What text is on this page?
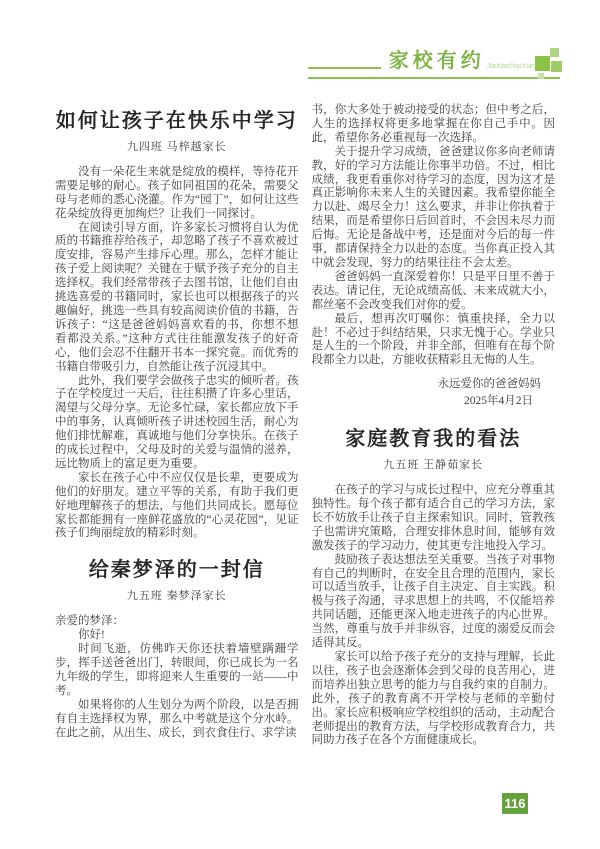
家校有约 JiaXiaoYouYue
如何让孩子在快乐中学习
九四班 马梓越家长
没有一朵花生来就是绽放的模样，等待花开需要足够的耐心。孩子如同祖国的花朵，需要父母与老师的悉心浇灌。作为“园丁”，如何让这些花朵绽放得更加绚烂？让我们一同探讨。
在阅读引导方面，许多家长习惯将自认为优质的书籍推荐给孩子，却忽略了孩子不喜欢被过度安排，容易产生排斥心理。那么，怎样才能让孩子爱上阅读呢？关键在于赋予孩子充分的自主选择权。我们经常带孩子去图书馆，让他们自由挑选喜爱的书籍同时，家长也可以根据孩子的兴趣偏好，挑选一些具有较高阅读价值的书籍，告诉孩子：“这是爸爸妈妈喜欢看的书，你想不想看都没关系。”这种方式往往能激发孩子的好奇心，他们会忍不住翻开书本一探究竟。而优秀的书籍自带吸引力，自然能让孩子沉浸其中。
此外，我们要学会做孩子忠实的倾听者。孩子在学校度过一天后，往往积攒了许多心里话，渴望与父母分享。无论多忙碌，家长都应放下手中的事务，认真倾听孩子讲述校园生活，耐心为他们排忧解难，真诚地与他们分享快乐。在孩子的成长过程中，父母及时的关爱与温情的滋养，远比物质上的富足更为重要。
家长在孩子心中不应仅仅是长辈，更要成为他们的好朋友。建立平等的关系，有助于我们更好地理解孩子的想法，与他们共同成长。愿每位家长都能拥有一座鲜花盛放的“心灵花园”，见证孩子们绚丽绽放的精彩时刻。
给秦梦泽的一封信
九五班 秦梦泽家长
亲爱的梦泽：
你好!
时间飞逝，仿佛昨天你还扶着墙壁蹒跚学步，挥手送爸爸出门，转眼间，你已成长为一名九年级的学生，即将迎来人生重要的一站——中考。
如果将你的人生划分为两个阶段，以是否拥有自主选择权为界，那么中考就是这个分水岭。在此之前，从出生、成长，到衣食住行、求学读
书，你大多处于被动接受的状态；但中考之后，人生的选择权将更多地掌握在你自己手中。因此，希望你务必重视每一次选择。
关于提升学习成绩，爸爸建议你多向老师请教，好的学习方法能让你事半功倍。不过，相比成绩，我更看重你对待学习的态度，因为这才是真正影响你未来人生的关键因素。我希望你能全力以赴、竭尽全力！这么要求，并非让你执着于结果，而是希望你日后回首时，不会因未尽力而后悔。无论是备战中考，还是面对今后的每一件事，都请保持全力以赴的态度。当你真正投入其中就会发现，努力的结果往往不会太差。
爸爸妈妈一直深爱着你！只是平日里不善于表达。请记住，无论成绩高低、未来成就大小，都丝毫不会改变我们对你的爱。
最后，想再次叮嘱你：慎重抉择，全力以赴！不必过于纠结结果，只求无愧于心。学业只是人生的一个阶段，并非全部，但唯有在每个阶段都全力以赴，方能收获精彩且无悔的人生。
永远爱你的爸爸妈妈
2025年4月2日
家庭教育我的看法
九五班 王静茹家长
在孩子的学习与成长过程中，应充分尊重其独特性。每个孩子都有适合自己的学习方法，家长不妨放手让孩子自主探索知识。同时，管教孩子也需讲究策略，合理安排休息时间，能够有效激发孩子的学习动力，使其更专注地投入学习。
鼓励孩子表达想法至关重要。当孩子对事物有自己的判断时，在安全且合理的范围内，家长可以适当放手，让孩子自主决定、自主实践。积极与孩子沟通，寻求思想上的共鸣，不仅能培养共同话题，还能更深入地走进孩子的内心世界。当然，尊重与放手并非纵容，过度的溺爱反而会适得其反。
家长可以给予孩子充分的支持与理解，长此以往，孩子也会逐渐体会到父母的良苦用心，进而培养出独立思考的能力与自我约束的自制力。此外，孩子的教育离不开学校与老师的辛勤付出。家长应积极响应学校组织的活动，主动配合老师提出的教育方法，与学校形成教育合力，共同助力孩子在各个方面健康成长。
116
